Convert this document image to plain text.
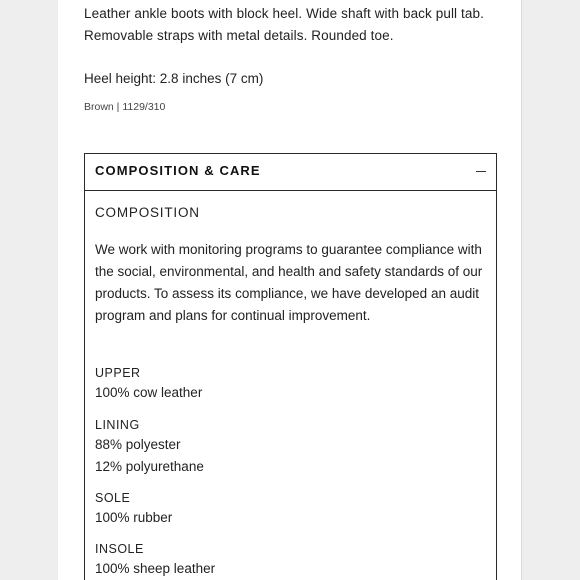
Leather ankle boots with block heel. Wide shaft with back pull tab. Removable straps with metal details. Rounded toe.
Heel height: 2.8 inches (7 cm)
Brown | 1129/310
COMPOSITION & CARE
COMPOSITION
We work with monitoring programs to guarantee compliance with the social, environmental, and health and safety standards of our products. To assess its compliance, we have developed an audit program and plans for continual improvement.
UPPER
100% cow leather
LINING
88% polyester
12% polyurethane
SOLE
100% rubber
INSOLE
100% sheep leather
